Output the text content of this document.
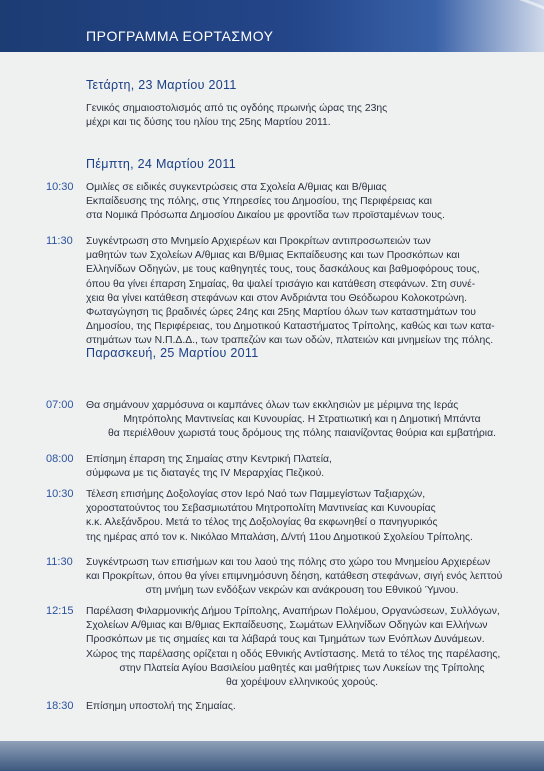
ΠΡΟΓΡΑΜΜΑ ΕΟΡΤΑΣΜΟΥ
Τετάρτη, 23 Μαρτίου 2011
Γενικός σημαιοστολισμός από τις ογδόης πρωινής ώρας της 23ης
μέχρι και τις δύσης του ηλίου της 25ης Μαρτίου 2011.
Πέμπτη, 24 Μαρτίου 2011
10:30	Ομιλίες σε ειδικές συγκεντρώσεις στα Σχολεία Α/θμιας και Β/θμιας
Εκπαίδευσης της πόλης, στις Υπηρεσίες του Δημοσίου, της Περιφέρειας και
στα Νομικά Πρόσωπα Δημοσίου Δικαίου με φροντίδα των προϊσταμένων τους.
11:30	Συγκέντρωση στο Μνημείο Αρχιερέων και Προκρίτων αντιπροσωπειών των
μαθητών των Σχολείων Α/θμιας και Β/θμιας Εκπαίδευσης και των Προσκόπων και
Ελληνίδων Οδηγών, με τους καθηγητές τους, τους δασκάλους και βαθμοφόρους τους,
όπου θα γίνει έπαρση Σημαίας, θα ψαλεί τρισάγιο και κατάθεση στεφάνων. Στη συνέ-
χεια θα γίνει κατάθεση στεφάνων και στον Ανδριάντα του Θεόδωρου Κολοκοτρώνη.
Φωταγώγηση τις βραδινές ώρες 24ης και 25ης Μαρτίου όλων των καταστημάτων του
Δημοσίου, της Περιφέρειας, του Δημοτικού Καταστήματος Τρίπολης, καθώς και των κατα-
στημάτων των Ν.Π.Δ.Δ., των τραπεζών και των οδών, πλατειών και μνημείων της πόλης.
Παρασκευή, 25 Μαρτίου 2011
07:00	Θα σημάνουν χαρμόσυνα οι καμπάνες όλων των εκκλησιών με μέριμνα της Ιεράς
Μητρόπολης Μαντινείας και Κυνουρίας. Η Στρατιωτική και η Δημοτική Μπάντα
θα περιέλθουν χωριστά τους δρόμους της πόλης παιανίζοντας θούρια και εμβατήρια.
08:00	Επίσημη έπαρση της Σημαίας στην Κεντρική Πλατεία,
σύμφωνα με τις διαταγές της IV Μεραρχίας Πεζικού.
10:30	Τέλεση επισήμης Δοξολογίας στον Ιερό Ναό των Παμμεγίστων Ταξιαρχών,
χοροστατούντος του Σεβασμιωτάτου Μητροπολίτη Μαντινείας και Κυνουρίας
κ.κ. Αλεξάνδρου. Μετά το τέλος της Δοξολογίας θα εκφωνηθεί ο πανηγυρικός
της ημέρας από τον κ. Νικόλαο Μπαλάση, Δ/ντή 11ου Δημοτικού Σχολείου Τρίπολης.
11:30	Συγκέντρωση των επισήμων και του λαού της πόλης στο χώρο του Μνημείου Αρχιερέων
και Προκρίτων, όπου θα γίνει επιμνημόσυνη δέηση, κατάθεση στεφάνων, σιγή ενός λεπτού
στη μνήμη των ενδόξων νεκρών και ανάκρουση του Εθνικού Ύμνου.
12:15	Παρέλαση Φιλαρμονικής Δήμου Τρίπολης, Αναπήρων Πολέμου, Οργανώσεων, Συλλόγων,
Σχολείων Α/θμιας και Β/θμιας Εκπαίδευσης, Σωμάτων Ελληνίδων Οδηγών και Ελλήνων
Προσκόπων με τις σημαίες και τα λάβαρά τους και Τμημάτων των Ενόπλων Δυνάμεων.
Χώρος της παρέλασης ορίζεται η οδός Εθνικής Αντίστασης. Μετά το τέλος της παρέλασης,
στην Πλατεία Αγίου Βασιλείου μαθητές και μαθήτριες των Λυκείων της Τρίπολης
θα χορέψουν ελληνικούς χορούς.
18:30	Επίσημη υποστολή της Σημαίας.
